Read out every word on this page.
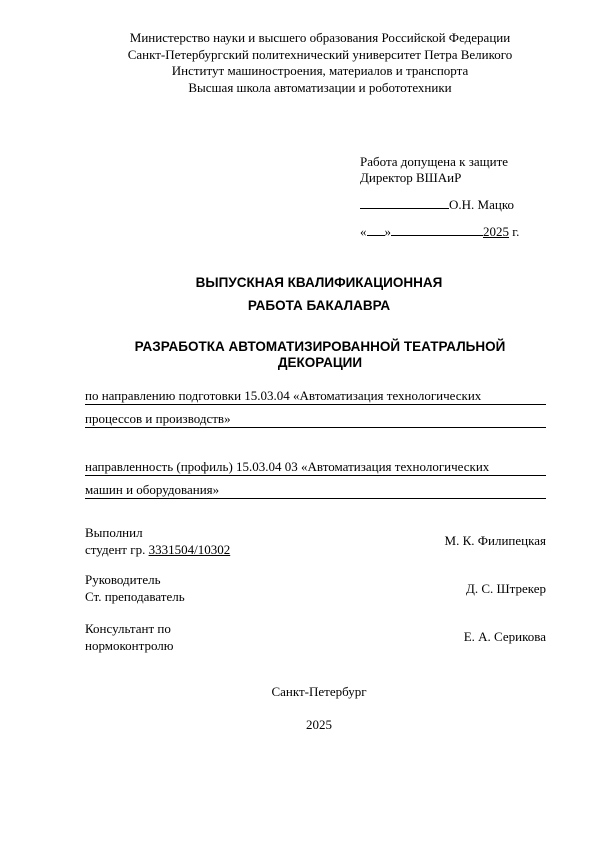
Министерство науки и высшего образования Российской Федерации
Санкт-Петербургский политехнический университет Петра Великого
Институт машиностроения, материалов и транспорта
Высшая школа автоматизации и робототехники
Работа допущена к защите
Директор ВШАиР
О.Н. Мацко
« »	2025 г.
ВЫПУСКНАЯ КВАЛИФИКАЦИОННАЯ
РАБОТА БАКАЛАВРА
РАЗРАБОТКА АВТОМАТИЗИРОВАННОЙ ТЕАТРАЛЬНОЙ ДЕКОРАЦИИ
по направлению подготовки 15.03.04 «Автоматизация технологических
процессов и производств»
направленность (профиль) 15.03.04 03 «Автоматизация технологических
машин и оборудования»
Выполнил
студент гр. 3331504/10302
М. К. Филипецкая
Руководитель
Ст. преподаватель	Д. С. Штрекер
Консультант по
нормоконтролю
Е. А. Серикова
Санкт-Петербург
2025
